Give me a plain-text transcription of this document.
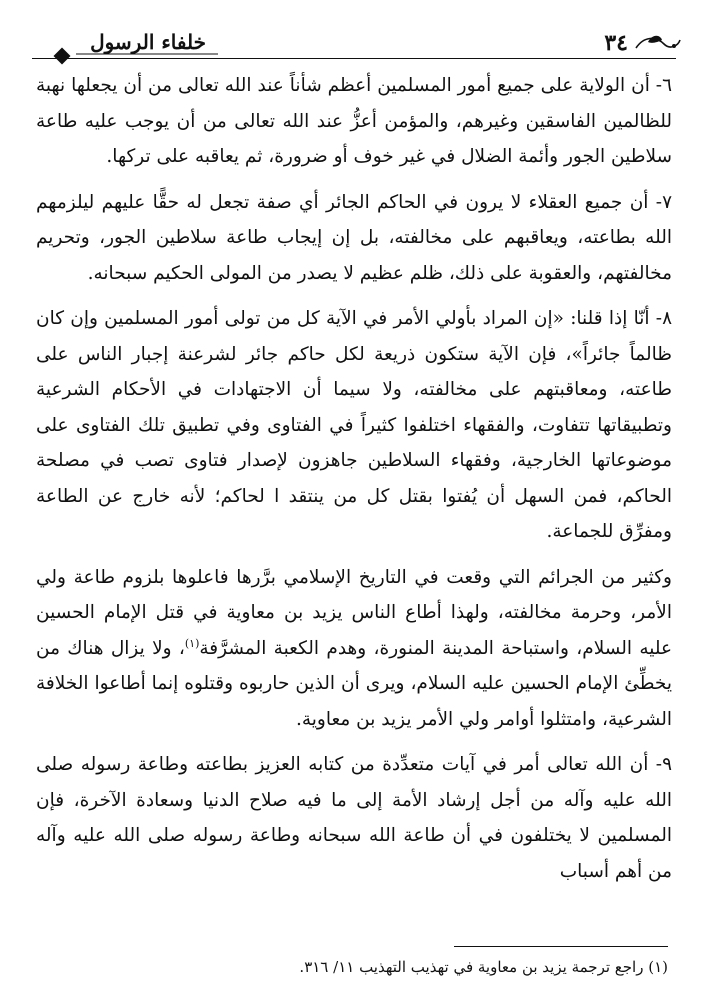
٣٤
خلفاء الرسول

٦- أن الولاية على جميع أمور المسلمين أعظم شأناً عند الله تعالى من أن يجعلها نهبة للظالمين الفاسقين وغيرهم، والمؤمن أعزُّ عند الله تعالى من أن يوجب عليه طاعة سلاطين الجور وأئمة الضلال في غير خوف أو ضرورة، ثم يعاقبه على تركها.

٧- أن جميع العقلاء لا يرون في الحاكم الجائر أي صفة تجعل له حقًّا عليهم ليلزمهم الله بطاعته، ويعاقبهم على مخالفته، بل إن إيجاب طاعة سلاطين الجور، وتحريم مخالفتهم، والعقوبة على ذلك، ظلم عظيم لا يصدر من المولى الحكيم سبحانه.

٨- أنّا إذا قلنا: «إن المراد بأولي الأمر في الآية كل من تولى أمور المسلمين وإن كان ظالماً جائراً»، فإن الآية ستكون ذريعة لكل حاكم جائر لشرعنة إجبار الناس على طاعته، ومعاقبتهم على مخالفته، ولا سيما أن الاجتهادات في الأحكام الشرعية وتطبيقاتها تتفاوت، والفقهاء اختلفوا كثيراً في الفتاوى وفي تطبيق تلك الفتاوى على موضوعاتها الخارجية، وفقهاء السلاطين جاهزون لإصدار فتاوى تصب في مصلحة الحاكم، فمن السهل أن يُفتوا بقتل كل من ينتقد ا لحاكم؛ لأنه خارج عن الطاعة ومفرِّق للجماعة.

وكثير من الجرائم التي وقعت في التاريخ الإسلامي برَّرها فاعلوها بلزوم طاعة ولي الأمر، وحرمة مخالفته، ولهذا أطاع الناس يزيد بن معاوية في قتل الإمام الحسين عليه السلام، واستباحة المدينة المنورة، وهدم الكعبة المشرَّفة$^{(١)}$، ولا يزال هناك من يخطِّئ الإمام الحسين عليه السلام، ويرى أن الذين حاربوه وقتلوه إنما أطاعوا الخلافة الشرعية، وامتثلوا أوامر ولي الأمر يزيد بن معاوية.

٩- أن الله تعالى أمر في آيات متعدِّدة من كتابه العزيز بطاعته وطاعة رسوله صلى الله عليه وآله من أجل إرشاد الأمة إلى ما فيه صلاح الدنيا وسعادة الآخرة، فإن المسلمين لا يختلفون في أن طاعة الله سبحانه وطاعة رسوله صلى الله عليه وآله من أهم أسباب

(١) راجع ترجمة يزيد بن معاوية في تهذيب التهذيب ١١/ ٣١٦.
